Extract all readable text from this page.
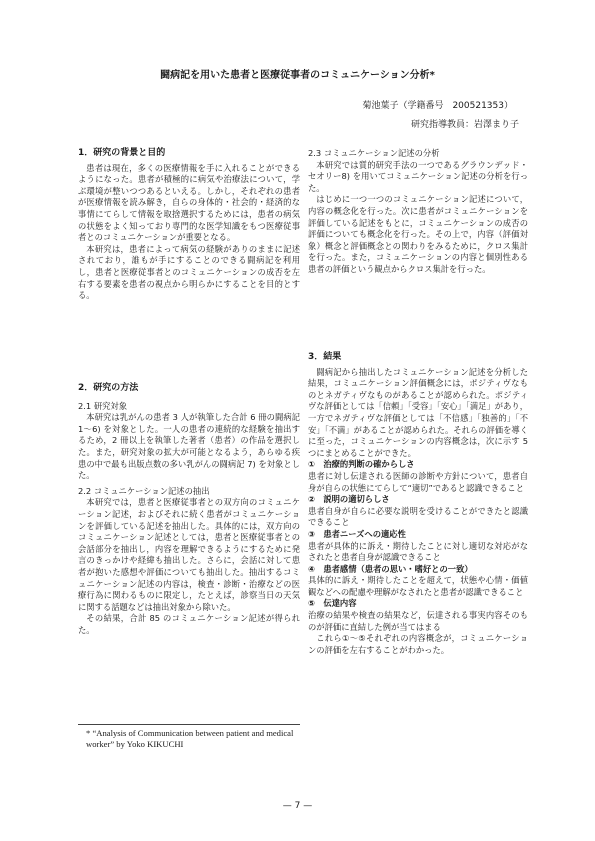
闘病記を用いた患者と医療従事者のコミュニケーション分析*
菊池葉子（学籍番号　200521353）
研究指導教員：岩澤まり子

1．研究の背景と目的

患者は現在，多くの医療情報を手に入れることができるようになった。患者が積極的に病気や治療法について，学ぶ環境が整いつつあるといえる。しかし，それぞれの患者が医療情報を読み解き，自らの身体的・社会的・経済的な事情にてらして情報を取捨選択するためには，患者の病気の状態をよく知っており専門的な医学知識をもつ医療従事者とのコミュニケーションが重要となる。

本研究は，患者によって病気の経験がありのままに記述されており，誰もが手にすることのできる闘病記を利用し，患者と医療従事者とのコミュニケーションの成否を左右する要素を患者の視点から明らかにすることを目的とする。

2．研究の方法

2.1 研究対象

本研究は乳がんの患者 3 人が執筆した合計 6 冊の闘病記 1〜6) を対象とした。一人の患者の連続的な経験を抽出するため，2 冊以上を執筆した著者（患者）の作品を選択した。また，研究対象の拡大が可能となるよう，あらゆる疾患の中で最も出版点数の多い乳がんの闘病記 7) を対象とした。

2.2 コミュニケーション記述の抽出

本研究では，患者と医療従事者との双方向のコミュニケーション記述，およびそれに続く患者がコミュニケーションを評価している記述を抽出した。具体的には，双方向のコミュニケーション記述としては，患者と医療従事者との会話部分を抽出し，内容を理解できるようにするために発言のきっかけや経緯も抽出した。さらに，会話に対して患者が抱いた感想や評価についても抽出した。抽出するコミュニケーション記述の内容は，検査・診断・治療などの医療行為に関わるものに限定し，たとえば，診察当日の天気に関する話題などは抽出対象から除いた。

その結果，合計 85 のコミュニケーション記述が得られた。

2.3 コミュニケーション記述の分析

本研究では質的研究手法の一つであるグラウンデッド・セオリー8) を用いてコミュニケーション記述の分析を行った。

はじめに一つ一つのコミュニケーション記述について，内容の概念化を行った。次に患者がコミュニケーションを評価している記述をもとに，コミュニケーションの成否の評価についても概念化を行った。その上で，内容（評価対象）概念と評価概念との関わりをみるために，クロス集計を行った。また，コミュニケーションの内容と個別性ある患者の評価という観点からクロス集計を行った。

3．結果

闘病記から抽出したコミュニケーション記述を分析した結果，コミュニケーション評価概念には，ポジティヴなものとネガティヴなものがあることが認められた。ポジティヴな評価としては「信頼」「受容」「安心」「満足」があり，一方でネガティヴな評価としては「不信感」「独善的」「不安」「不満」があることが認められた。それらの評価を導くに至った，コミュニケーションの内容概念は，次に示す 5 つにまとめることができた。

①　治療的判断の確からしさ

患者に対し伝達される医師の診断や方針について，患者自身が自らの状態にてらして“適切”であると認識できること

②　説明の適切らしさ

患者自身が自らに必要な説明を受けることができたと認識できること

③　患者ニーズへの適応性

患者が具体的に訴え・期待したことに対し適切な対応がなされたと患者自身が認識できること

④　患者感情（患者の思い・嗜好との一致）

具体的に訴え・期待したことを超えて，状態や心情・価値観などへの配慮や理解がなされたと患者が認識できること

⑤　伝達内容

治療の結果や検査の結果など，伝達される事実内容そのものが評価に直結した例が当てはまる

これら①〜⑤それぞれの内容概念が，コミュニケーションの評価を左右することがわかった。

* “Analysis of Communication between patient and medical worker” by Yoko KIKUCHI
— 7 —
